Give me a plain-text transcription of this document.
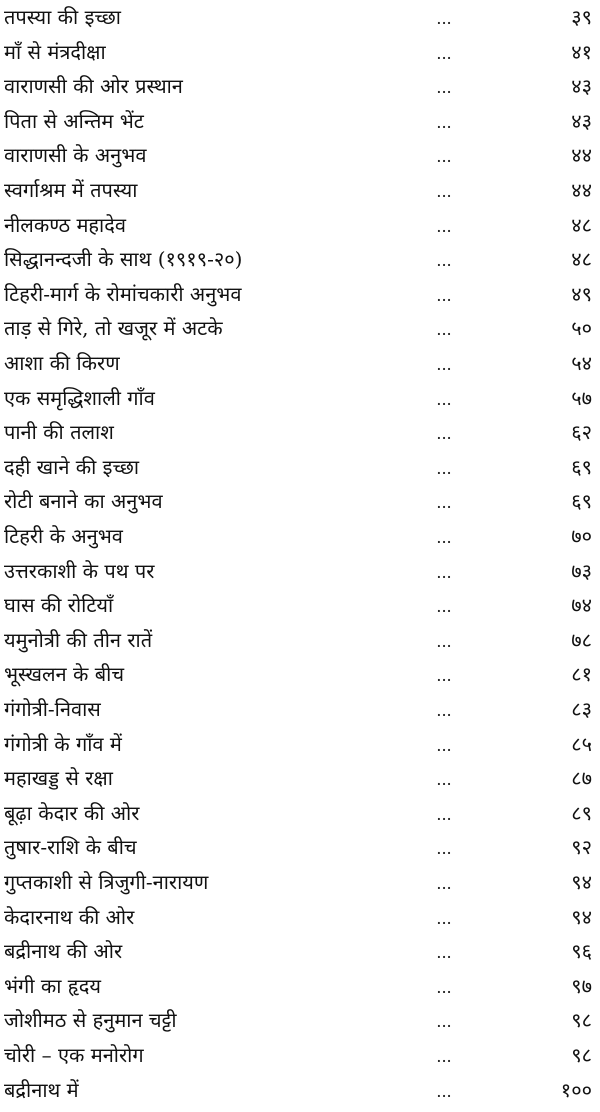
तपस्या की इच्छा	...	३९
माँ से मंत्रदीक्षा	...	४१
वाराणसी की ओर प्रस्थान	...	४३
पिता से अन्तिम भेंट	...	४३
वाराणसी के अनुभव	...	४४
स्वर्गाश्रम में तपस्या	...	४४
नीलकण्ठ महादेव	...	४८
सिद्धानन्दजी के साथ (१९१९-२०)	...	४८
टिहरी-मार्ग के रोमांचकारी अनुभव	...	४९
ताड़ से गिरे, तो खजूर में अटके	...	५०
आशा की किरण	...	५४
एक समृद्धिशाली गाँव	...	५७
पानी की तलाश	...	६२
दही खाने की इच्छा	...	६९
रोटी बनाने का अनुभव	...	६९
टिहरी के अनुभव	...	७०
उत्तरकाशी के पथ पर	...	७३
घास की रोटियाँ	...	७४
यमुनोत्री की तीन रातें	...	७८
भूस्खलन के बीच	...	८१
गंगोत्री-निवास	...	८३
गंगोत्री के गाँव में	...	८५
महाखड्ड से रक्षा	...	८७
बूढ़ा केदार की ओर	...	८९
तुषार-राशि के बीच	...	९२
गुप्तकाशी से त्रिजुगी-नारायण	...	९४
केदारनाथ की ओर	...	९४
बद्रीनाथ की ओर	...	९६
भंगी का हृदय	...	९७
जोशीमठ से हनुमान चट्टी	...	९८
चोरी – एक मनोरोग	...	९८
बद्रीनाथ में	...	१००
